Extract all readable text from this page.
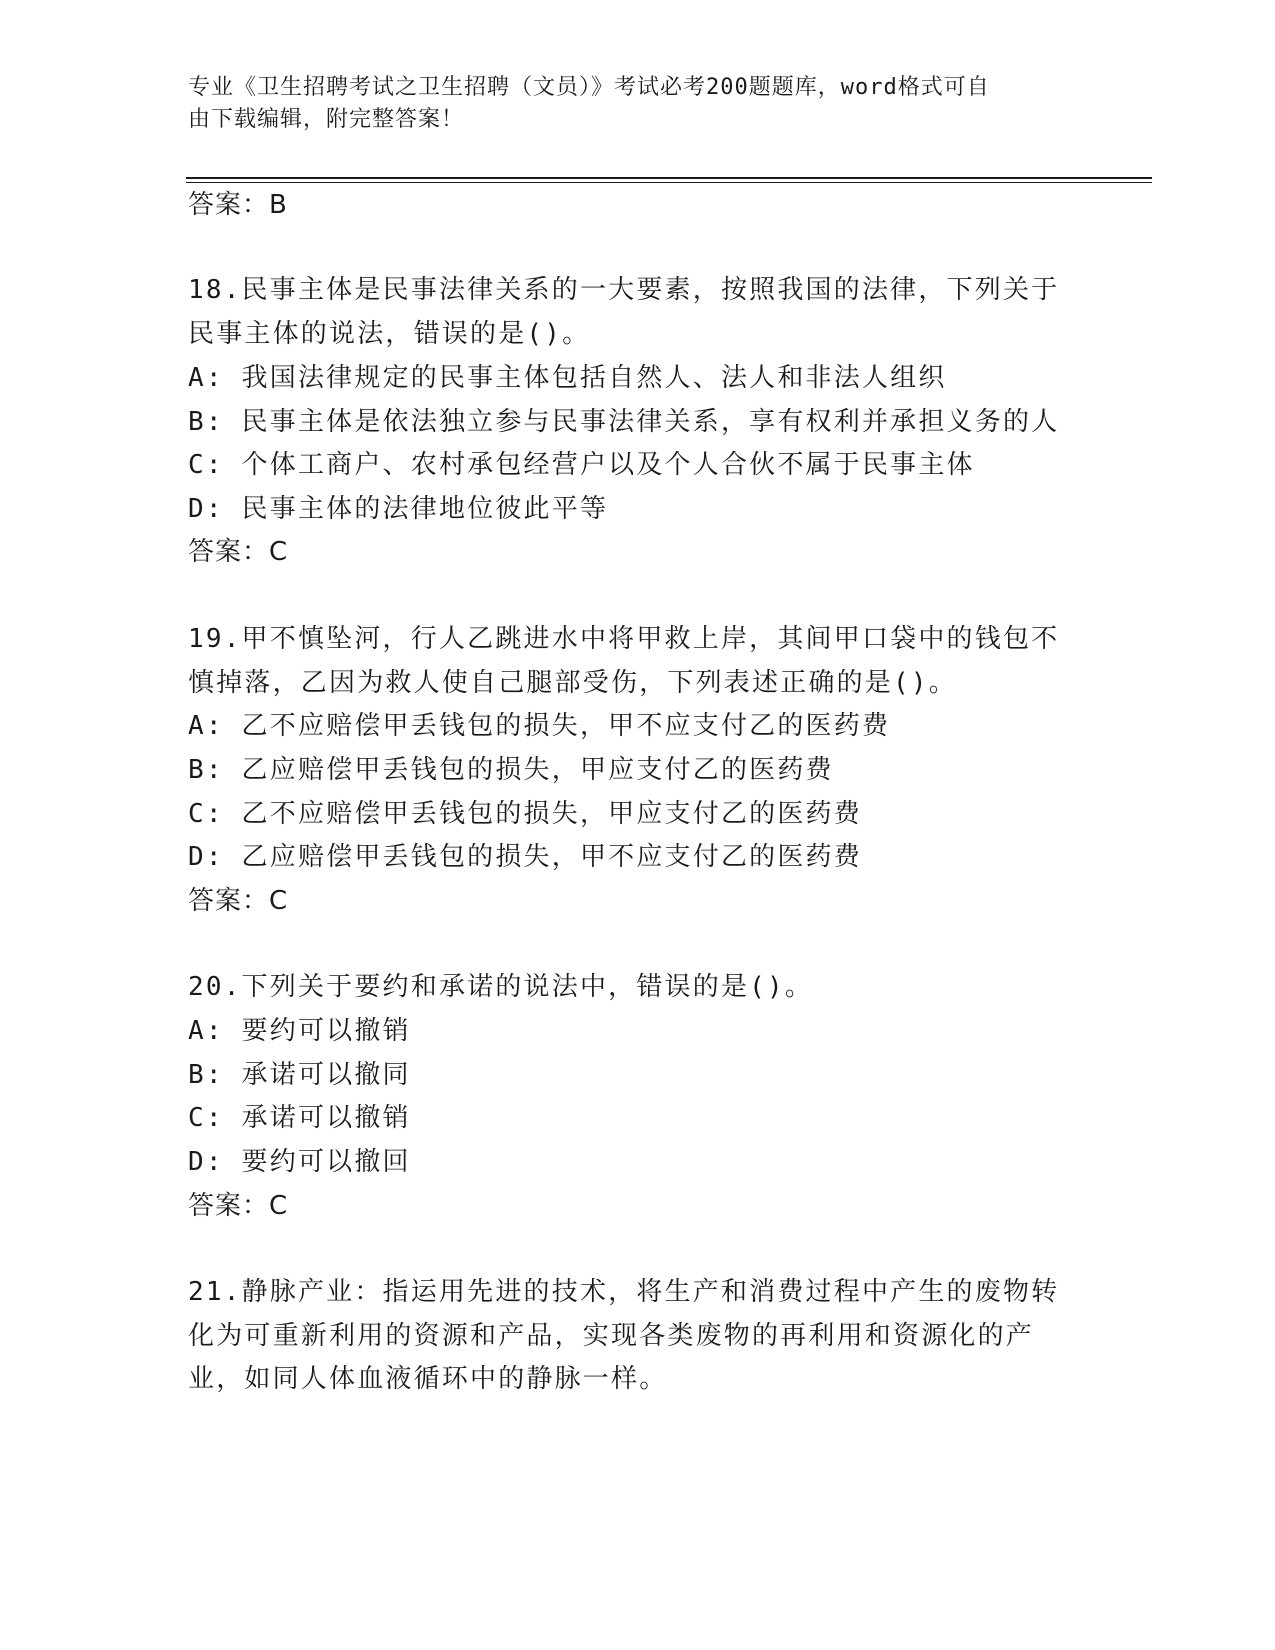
专业《卫生招聘考试之卫生招聘（文员）》考试必考200题题库，word格式可自
由下载编辑，附完整答案！
答案：B
18.民事主体是民事法律关系的一大要素，按照我国的法律，下列关于
民事主体的说法，错误的是()。
A: 我国法律规定的民事主体包括自然人、法人和非法人组织
B: 民事主体是依法独立参与民事法律关系，享有权利并承担义务的人
C: 个体工商户、农村承包经营户以及个人合伙不属于民事主体
D: 民事主体的法律地位彼此平等
答案：C
19.甲不慎坠河，行人乙跳进水中将甲救上岸，其间甲口袋中的钱包不
慎掉落，乙因为救人使自己腿部受伤，下列表述正确的是()。
A: 乙不应赔偿甲丢钱包的损失，甲不应支付乙的医药费
B: 乙应赔偿甲丢钱包的损失，甲应支付乙的医药费
C: 乙不应赔偿甲丢钱包的损失，甲应支付乙的医药费
D: 乙应赔偿甲丢钱包的损失，甲不应支付乙的医药费
答案：C
20.下列关于要约和承诺的说法中，错误的是()。
A: 要约可以撤销
B: 承诺可以撤同
C: 承诺可以撤销
D: 要约可以撤回
答案：C
21.静脉产业：指运用先进的技术，将生产和消费过程中产生的废物转
化为可重新利用的资源和产品，实现各类废物的再利用和资源化的产
业，如同人体血液循环中的静脉一样。
